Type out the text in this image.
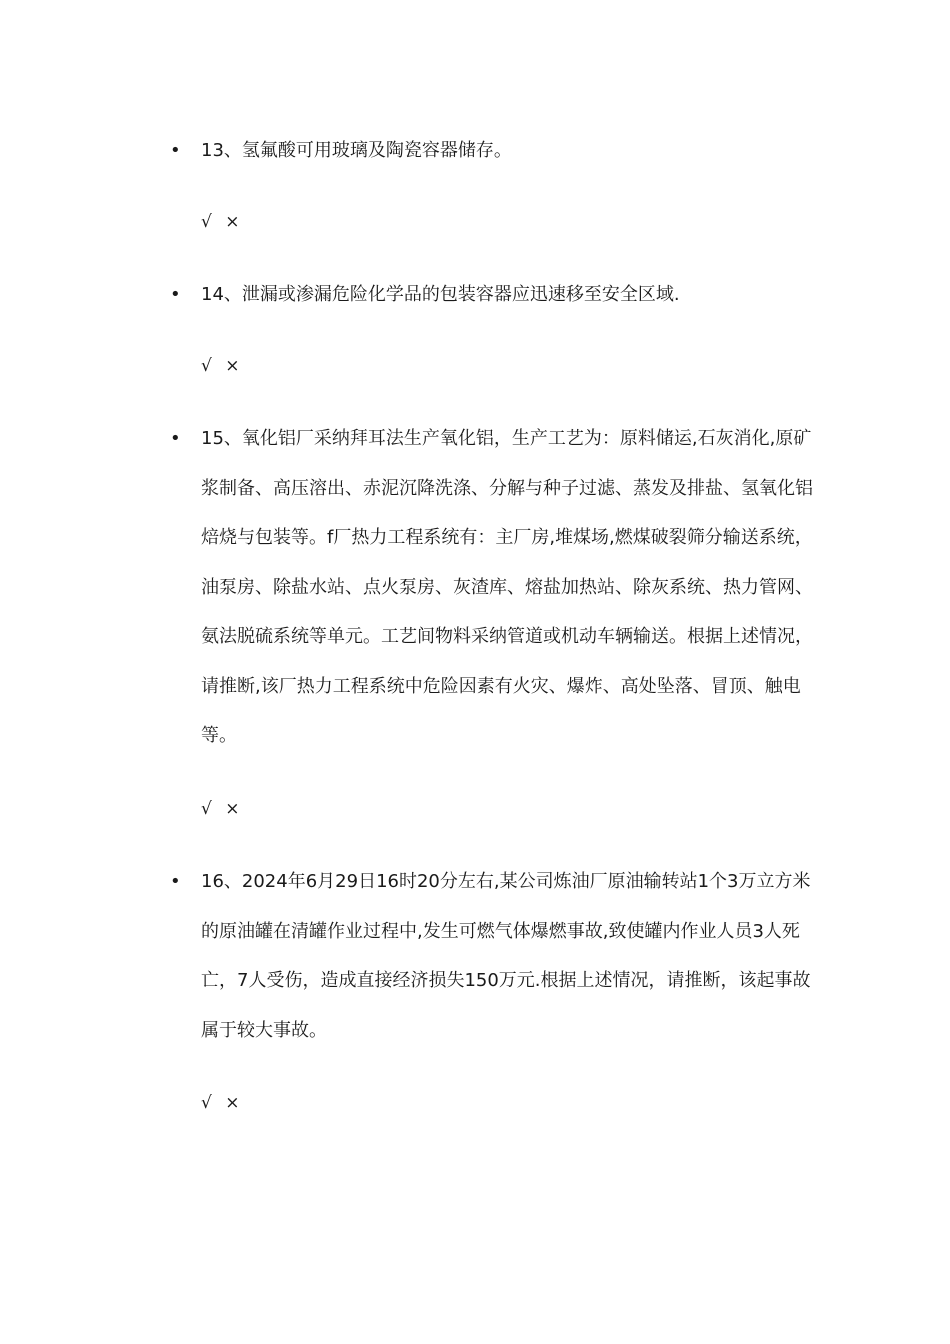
• 13、氢氟酸可用玻璃及陶瓷容器储存。

√ ×
• 14、泄漏或渗漏危险化学品的包装容器应迅速移至安全区域.

√ ×
• 15、氧化铝厂采纳拜耳法生产氧化铝，生产工艺为：原料储运,石灰消化,原矿浆制备、高压溶出、赤泥沉降洗涤、分解与种子过滤、蒸发及排盐、氢氧化铝焙烧与包装等。f厂热力工程系统有：主厂房,堆煤场,燃煤破裂筛分输送系统，油泵房、除盐水站、点火泵房、灰渣库、熔盐加热站、除灰系统、热力管网、氨法脱硫系统等单元。工艺间物料采纳管道或机动车辆输送。根据上述情况，请推断,该厂热力工程系统中危险因素有火灾、爆炸、高处坠落、冒顶、触电等。

√ ×
• 16、2024年6月29日16时20分左右,某公司炼油厂原油输转站1个3万立方米的原油罐在清罐作业过程中,发生可燃气体爆燃事故,致使罐内作业人员3人死亡，7人受伤，造成直接经济损失150万元.根据上述情况，请推断，该起事故属于较大事故。

√ ×
